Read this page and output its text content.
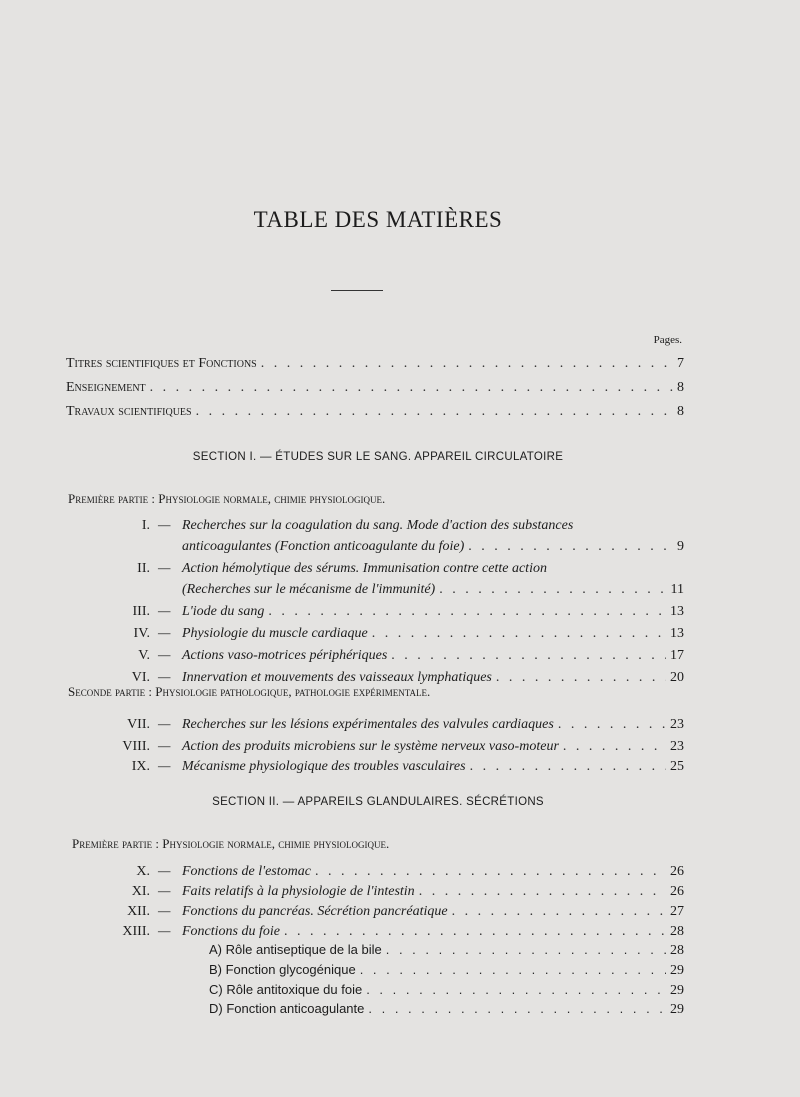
TABLE DES MATIÈRES
Pages.
Titres scientifiques et Fonctions . . .	7
Enseignement . . .	8
Travaux scientifiques . . .	8
SECTION I. — ÉTUDES SUR LE SANG. APPAREIL CIRCULATOIRE
Première partie : Physiologie normale, chimie physiologique.
I. — Recherches sur la coagulation du sang. Mode d'action des substances
anticoagulantes (Fonction anticoagulante du foie) . . .	9
II. — Action hémolytique des sérums. Immunisation contre cette action
(Recherches sur le mécanisme de l'immunité) . . .	11
III. — L'iode du sang . . .	13
IV. — Physiologie du muscle cardiaque . . .	13
V. — Actions vaso-motrices périphériques . . .	17
VI. — Innervation et mouvements des vaisseaux lymphatiques . . .	20
Seconde partie : Physiologie pathologique, pathologie expérimentale.
VII. — Recherches sur les lésions expérimentales des valvules cardiaques . . .	23
VIII. — Action des produits microbiens sur le système nerveux vaso-moteur . . .	23
IX. — Mécanisme physiologique des troubles vasculaires . . .	25
SECTION II. — APPAREILS GLANDULAIRES. SÉCRÉTIONS
Première partie : Physiologie normale, chimie physiologique.
X. — Fonctions de l'estomac . . .	26
XI. — Faits relatifs à la physiologie de l'intestin . . .	26
XII. — Fonctions du pancréas. Sécrétion pancréatique . . .	27
XIII. — Fonctions du foie . . .	28
A) Rôle antiseptique de la bile . . .	28
B) Fonction glycogénique . . .	29
C) Rôle antitoxique du foie . . .	29
D) Fonction anticoagulante . . .	29
